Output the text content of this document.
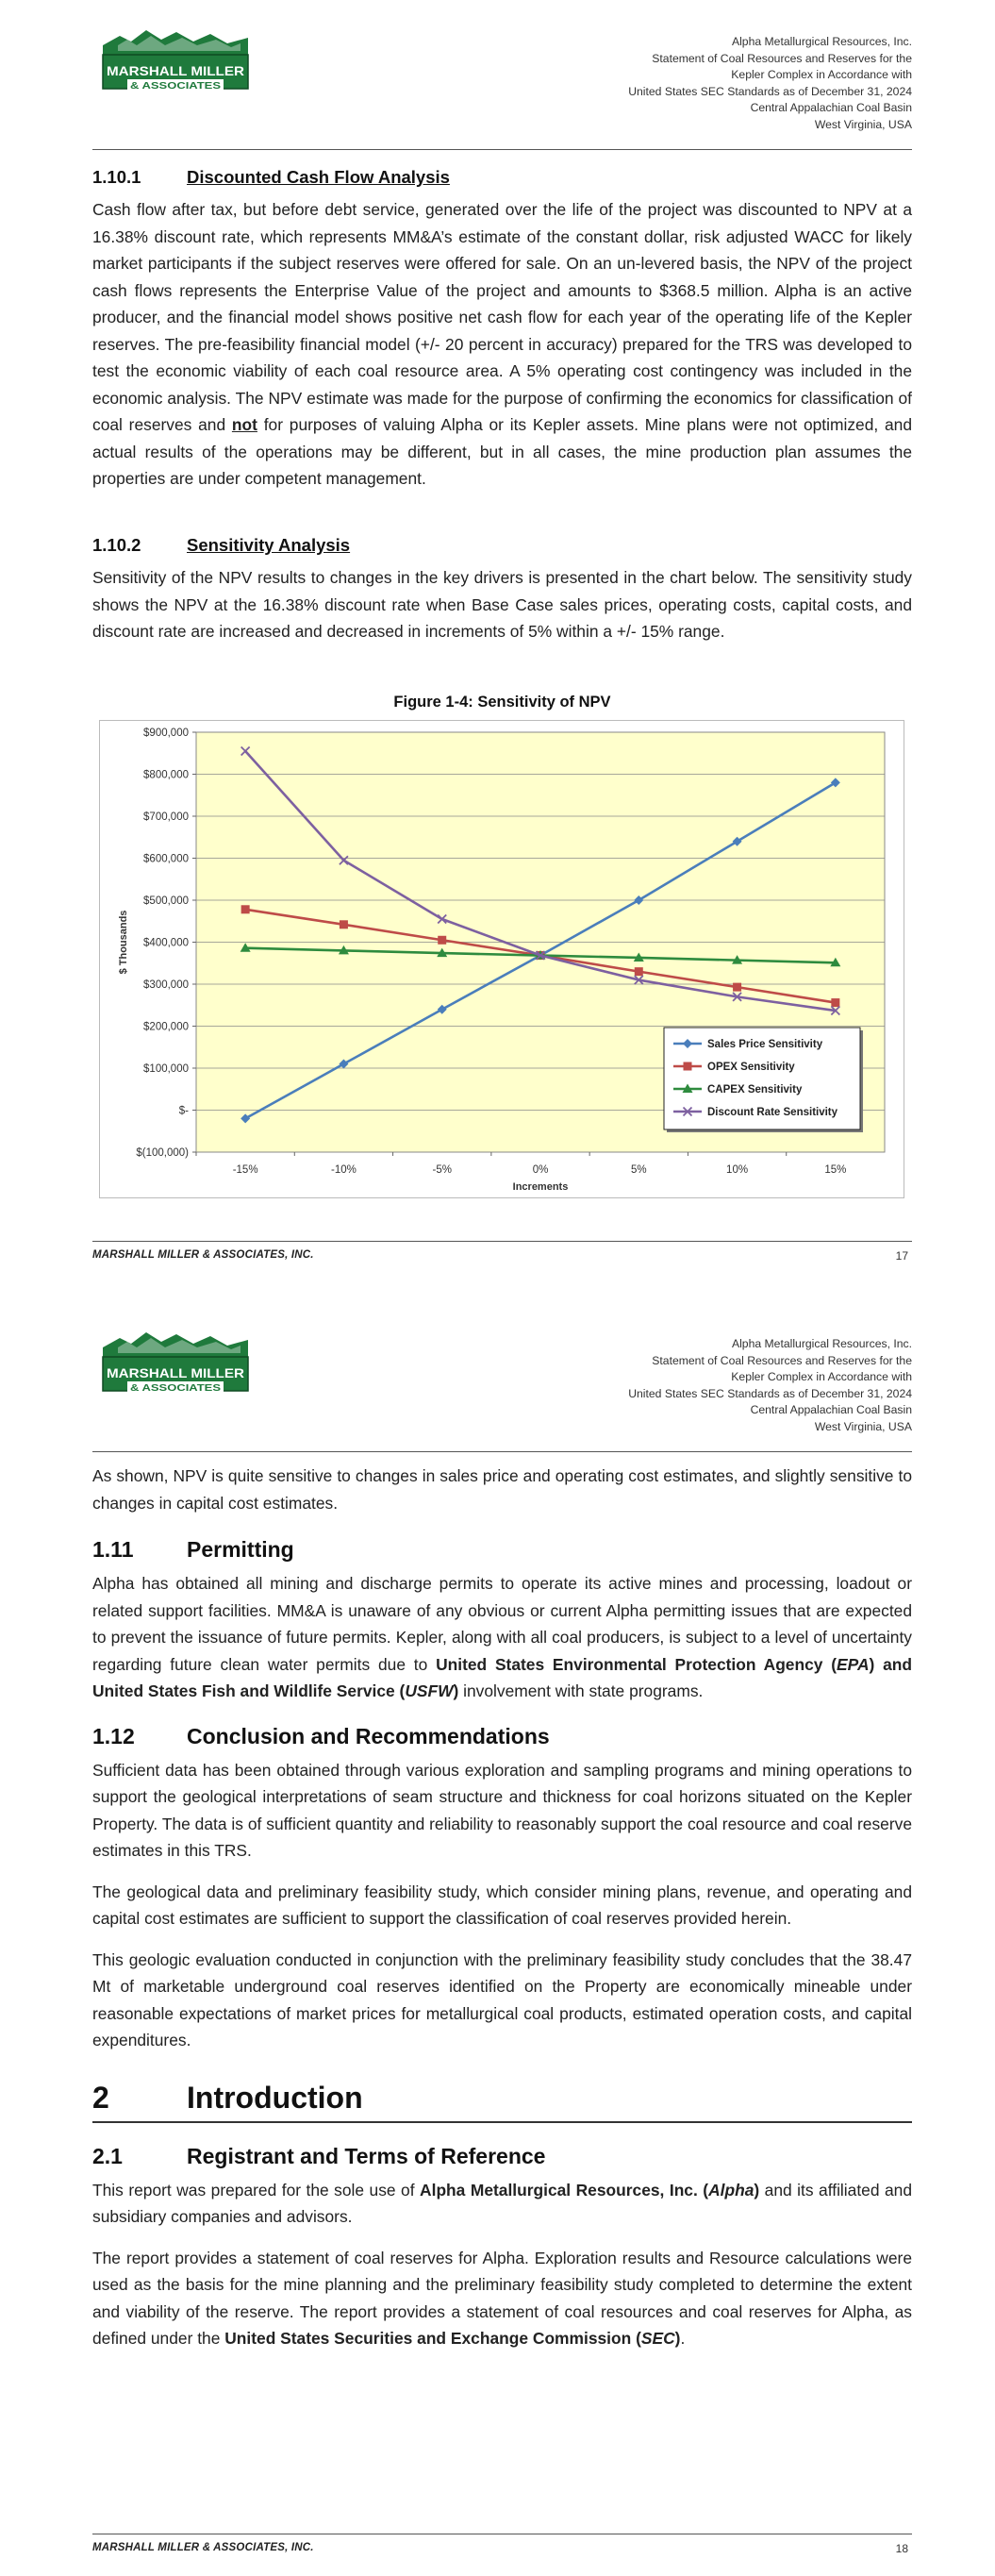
MARSHALL MILLER
& ASSOCIATES
Alpha Metallurgical Resources, Inc.
Statement of Coal Resources and Reserves for the
Kepler Complex in Accordance with
United States SEC Standards as of December 31, 2024
Central Appalachian Coal Basin
West Virginia, USA
1.10.1	Discounted Cash Flow Analysis

Cash flow after tax, but before debt service, generated over the life of the project was discounted to NPV at a 16.38% discount rate, which represents MM&A’s estimate of the constant dollar, risk adjusted WACC for likely market participants if the subject reserves were offered for sale. On an un-levered basis, the NPV of the project cash flows represents the Enterprise Value of the project and amounts to $368.5 million. Alpha is an active producer, and the financial model shows positive net cash flow for each year of the operating life of the Kepler reserves. The pre-feasibility financial model (+/- 20 percent in accuracy) prepared for the TRS was developed to test the economic viability of each coal resource area. A 5% operating cost contingency was included in the economic analysis. The NPV estimate was made for the purpose of confirming the economics for classification of coal reserves and not for purposes of valuing Alpha or its Kepler assets. Mine plans were not optimized, and actual results of the operations may be different, but in all cases, the mine production plan assumes the properties are under competent management.

1.10.2	Sensitivity Analysis

Sensitivity of the NPV results to changes in the key drivers is presented in the chart below. The sensitivity study shows the NPV at the 16.38% discount rate when Base Case sales prices, operating costs, capital costs, and discount rate are increased and decreased in increments of 5% within a +/- 15% range.

Figure 1-4: Sensitivity of NPV
$(100,000)
$-
$100,000
$200,000
$300,000
$400,000
$500,000
$600,000
$700,000
$800,000
$900,000
-15%	-10%	-5%	0%	5%	10%	15%
Increments
$ Thousands
Sales Price Sensitivity
OPEX Sensitivity
CAPEX Sensitivity
Discount Rate Sensitivity
MARSHALL MILLER & ASSOCIATES, INC.	17
MARSHALL MILLER
& ASSOCIATES
Alpha Metallurgical Resources, Inc.
Statement of Coal Resources and Reserves for the
Kepler Complex in Accordance with
United States SEC Standards as of December 31, 2024
Central Appalachian Coal Basin
West Virginia, USA

As shown, NPV is quite sensitive to changes in sales price and operating cost estimates, and slightly sensitive to changes in capital cost estimates.

1.11	Permitting

Alpha has obtained all mining and discharge permits to operate its active mines and processing, loadout or related support facilities. MM&A is unaware of any obvious or current Alpha permitting issues that are expected to prevent the issuance of future permits. Kepler, along with all coal producers, is subject to a level of uncertainty regarding future clean water permits due to United States Environmental Protection Agency (EPA) and United States Fish and Wildlife Service (USFW) involvement with state programs.

1.12	Conclusion and Recommendations

Sufficient data has been obtained through various exploration and sampling programs and mining operations to support the geological interpretations of seam structure and thickness for coal horizons situated on the Kepler Property. The data is of sufficient quantity and reliability to reasonably support the coal resource and coal reserve estimates in this TRS.

The geological data and preliminary feasibility study, which consider mining plans, revenue, and operating and capital cost estimates are sufficient to support the classification of coal reserves provided herein.

This geologic evaluation conducted in conjunction with the preliminary feasibility study concludes that the 38.47 Mt of marketable underground coal reserves identified on the Property are economically mineable under reasonable expectations of market prices for metallurgical coal products, estimated operation costs, and capital expenditures.

2	Introduction
2.1	Registrant and Terms of Reference

This report was prepared for the sole use of Alpha Metallurgical Resources, Inc. (Alpha) and its affiliated and subsidiary companies and advisors.

The report provides a statement of coal reserves for Alpha. Exploration results and Resource calculations were used as the basis for the mine planning and the preliminary feasibility study completed to determine the extent and viability of the reserve. The report provides a statement of coal resources and coal reserves for Alpha, as defined under the United States Securities and Exchange Commission (SEC).

MARSHALL MILLER & ASSOCIATES, INC.	18
